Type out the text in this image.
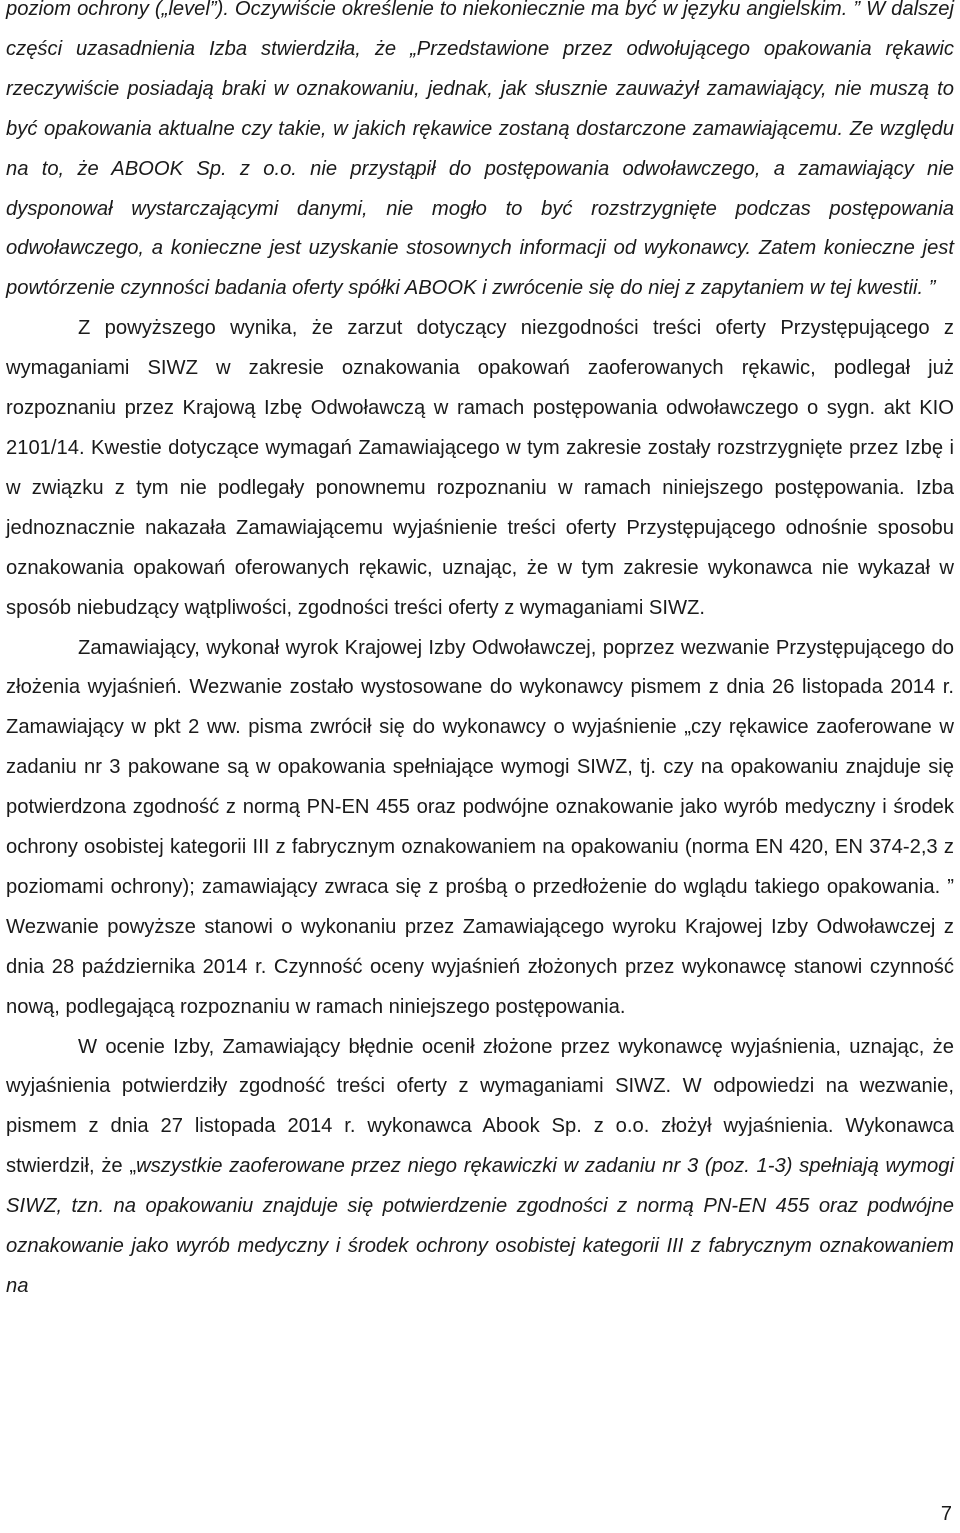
poziom ochrony („level”). Oczywiście określenie to niekoniecznie ma być w języku angielskim. ” W dalszej części uzasadnienia Izba stwierdziła, że „Przedstawione przez odwołującego opakowania rękawic rzeczywiście posiadają braki w oznakowaniu, jednak, jak słusznie zauważył zamawiający, nie muszą to być opakowania aktualne czy takie, w jakich rękawice zostaną dostarczone zamawiającemu. Ze względu na to, że ABOOK Sp. z o.o. nie przystąpił do postępowania odwoławczego, a zamawiający nie dysponował wystarczającymi danymi, nie mogło to być rozstrzygnięte podczas postępowania odwoławczego, a konieczne jest uzyskanie stosownych informacji od wykonawcy. Zatem konieczne jest powtórzenie czynności badania oferty spółki ABOOK i zwrócenie się do niej z zapytaniem w tej kwestii. ”

Z powyższego wynika, że zarzut dotyczący niezgodności treści oferty Przystępującego z wymaganiami SIWZ w zakresie oznakowania opakowań zaoferowanych rękawic, podlegał już rozpoznaniu przez Krajową Izbę Odwoławczą w ramach postępowania odwoławczego o sygn. akt KIO 2101/14. Kwestie dotyczące wymagań Zamawiającego w tym zakresie zostały rozstrzygnięte przez Izbę i w związku z tym nie podlegały ponownemu rozpoznaniu w ramach niniejszego postępowania. Izba jednoznacznie nakazała Zamawiającemu wyjaśnienie treści oferty Przystępującego odnośnie sposobu oznakowania opakowań oferowanych rękawic, uznając, że w tym zakresie wykonawca nie wykazał w sposób niebudzący wątpliwości, zgodności treści oferty z wymaganiami SIWZ.

Zamawiający, wykonał wyrok Krajowej Izby Odwoławczej, poprzez wezwanie Przystępującego do złożenia wyjaśnień. Wezwanie zostało wystosowane do wykonawcy pismem z dnia 26 listopada 2014 r. Zamawiający w pkt 2 ww. pisma zwrócił się do wykonawcy o wyjaśnienie „czy rękawice zaoferowane w zadaniu nr 3 pakowane są w opakowania spełniające wymogi SIWZ, tj. czy na opakowaniu znajduje się potwierdzona zgodność z normą PN-EN 455 oraz podwójne oznakowanie jako wyrób medyczny i środek ochrony osobistej kategorii III z fabrycznym oznakowaniem na opakowaniu (norma EN 420, EN 374-2,3 z poziomami ochrony); zamawiający zwraca się z prośbą o przedłożenie do wglądu takiego opakowania. ” Wezwanie powyższe stanowi o wykonaniu przez Zamawiającego wyroku Krajowej Izby Odwoławczej z dnia 28 października 2014 r. Czynność oceny wyjaśnień złożonych przez wykonawcę stanowi czynność nową, podlegającą rozpoznaniu w ramach niniejszego postępowania.

W ocenie Izby, Zamawiający błędnie ocenił złożone przez wykonawcę wyjaśnienia, uznając, że wyjaśnienia potwierdziły zgodność treści oferty z wymaganiami SIWZ. W odpowiedzi na wezwanie, pismem z dnia 27 listopada 2014 r. wykonawca Abook Sp. z o.o. złożył wyjaśnienia. Wykonawca stwierdził, że „wszystkie zaoferowane przez niego rękawiczki w zadaniu nr 3 (poz. 1-3) spełniają wymogi SIWZ, tzn. na opakowaniu znajduje się potwierdzenie zgodności z normą PN-EN 455 oraz podwójne oznakowanie jako wyrób medyczny i środek ochrony osobistej kategorii III z fabrycznym oznakowaniem na

7
